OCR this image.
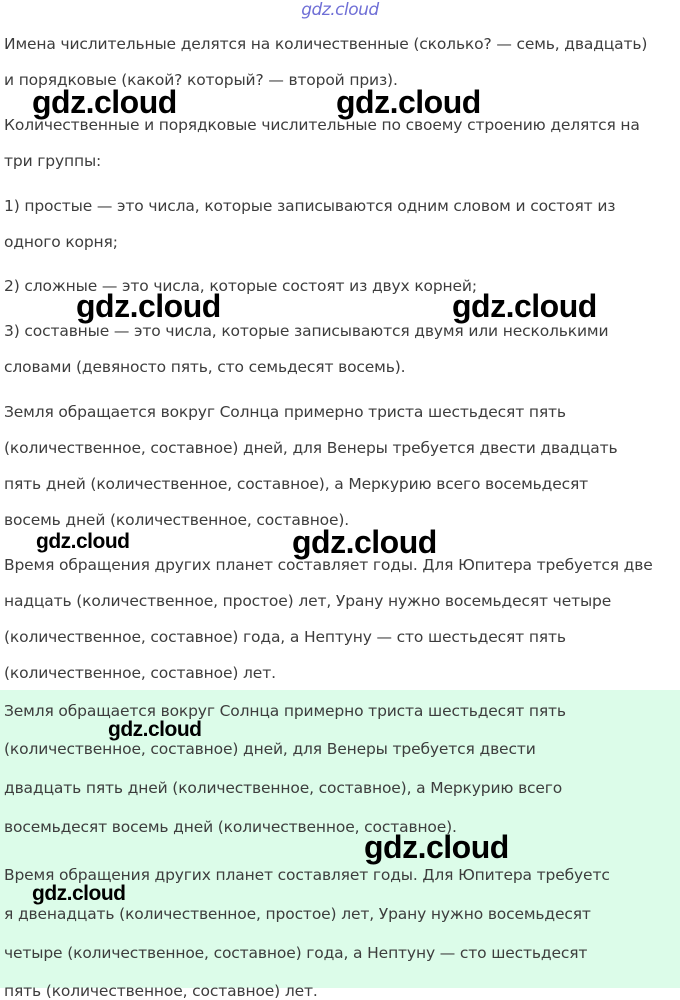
gdz.cloud
Имена числительные делятся на количественные (сколько? — семь, двадцать)
и порядковые (какой? который? — второй приз).
Количественные и порядковые числительные по своему строению делятся на
три группы:
1) простые — это числа, которые записываются одним словом и состоят из
одного корня;
2) сложные — это числа, которые состоят из двух корней;
3) составные — это числа, которые записываются двумя или несколькими
словами (девяносто пять, сто семьдесят восемь).
Земля обращается вокруг Солнца примерно триста шестьдесят пять
(количественное, составное) дней, для Венеры требуется двести двадцать
пять дней (количественное, составное), а Меркурию всего восемьдесят
восемь дней (количественное, составное).
Время обращения других планет составляет годы. Для Юпитера требуется две
надцать (количественное, простое) лет, Урану нужно восемьдесят четыре
(количественное, составное) года, а Нептуну — сто шестьдесят пять
(количественное, составное) лет.
Земля обращается вокруг Солнца примерно триста шестьдесят пять
(количественное, составное) дней, для Венеры требуется двести
двадцать пять дней (количественное, составное), а Меркурию всего
восемьдесят восемь дней (количественное, составное).
Время обращения других планет составляет годы. Для Юпитера требуетс
я двенадцать (количественное, простое) лет, Урану нужно восемьдесят
четыре (количественное, составное) года, а Нептуну — сто шестьдесят
пять (количественное, составное) лет.
gdz.cloud	gdz.cloud
gdz.cloud	gdz.cloud
gdz.cloud	gdz.cloud
gdz.cloud
gdz.cloud
gdz.cloud
